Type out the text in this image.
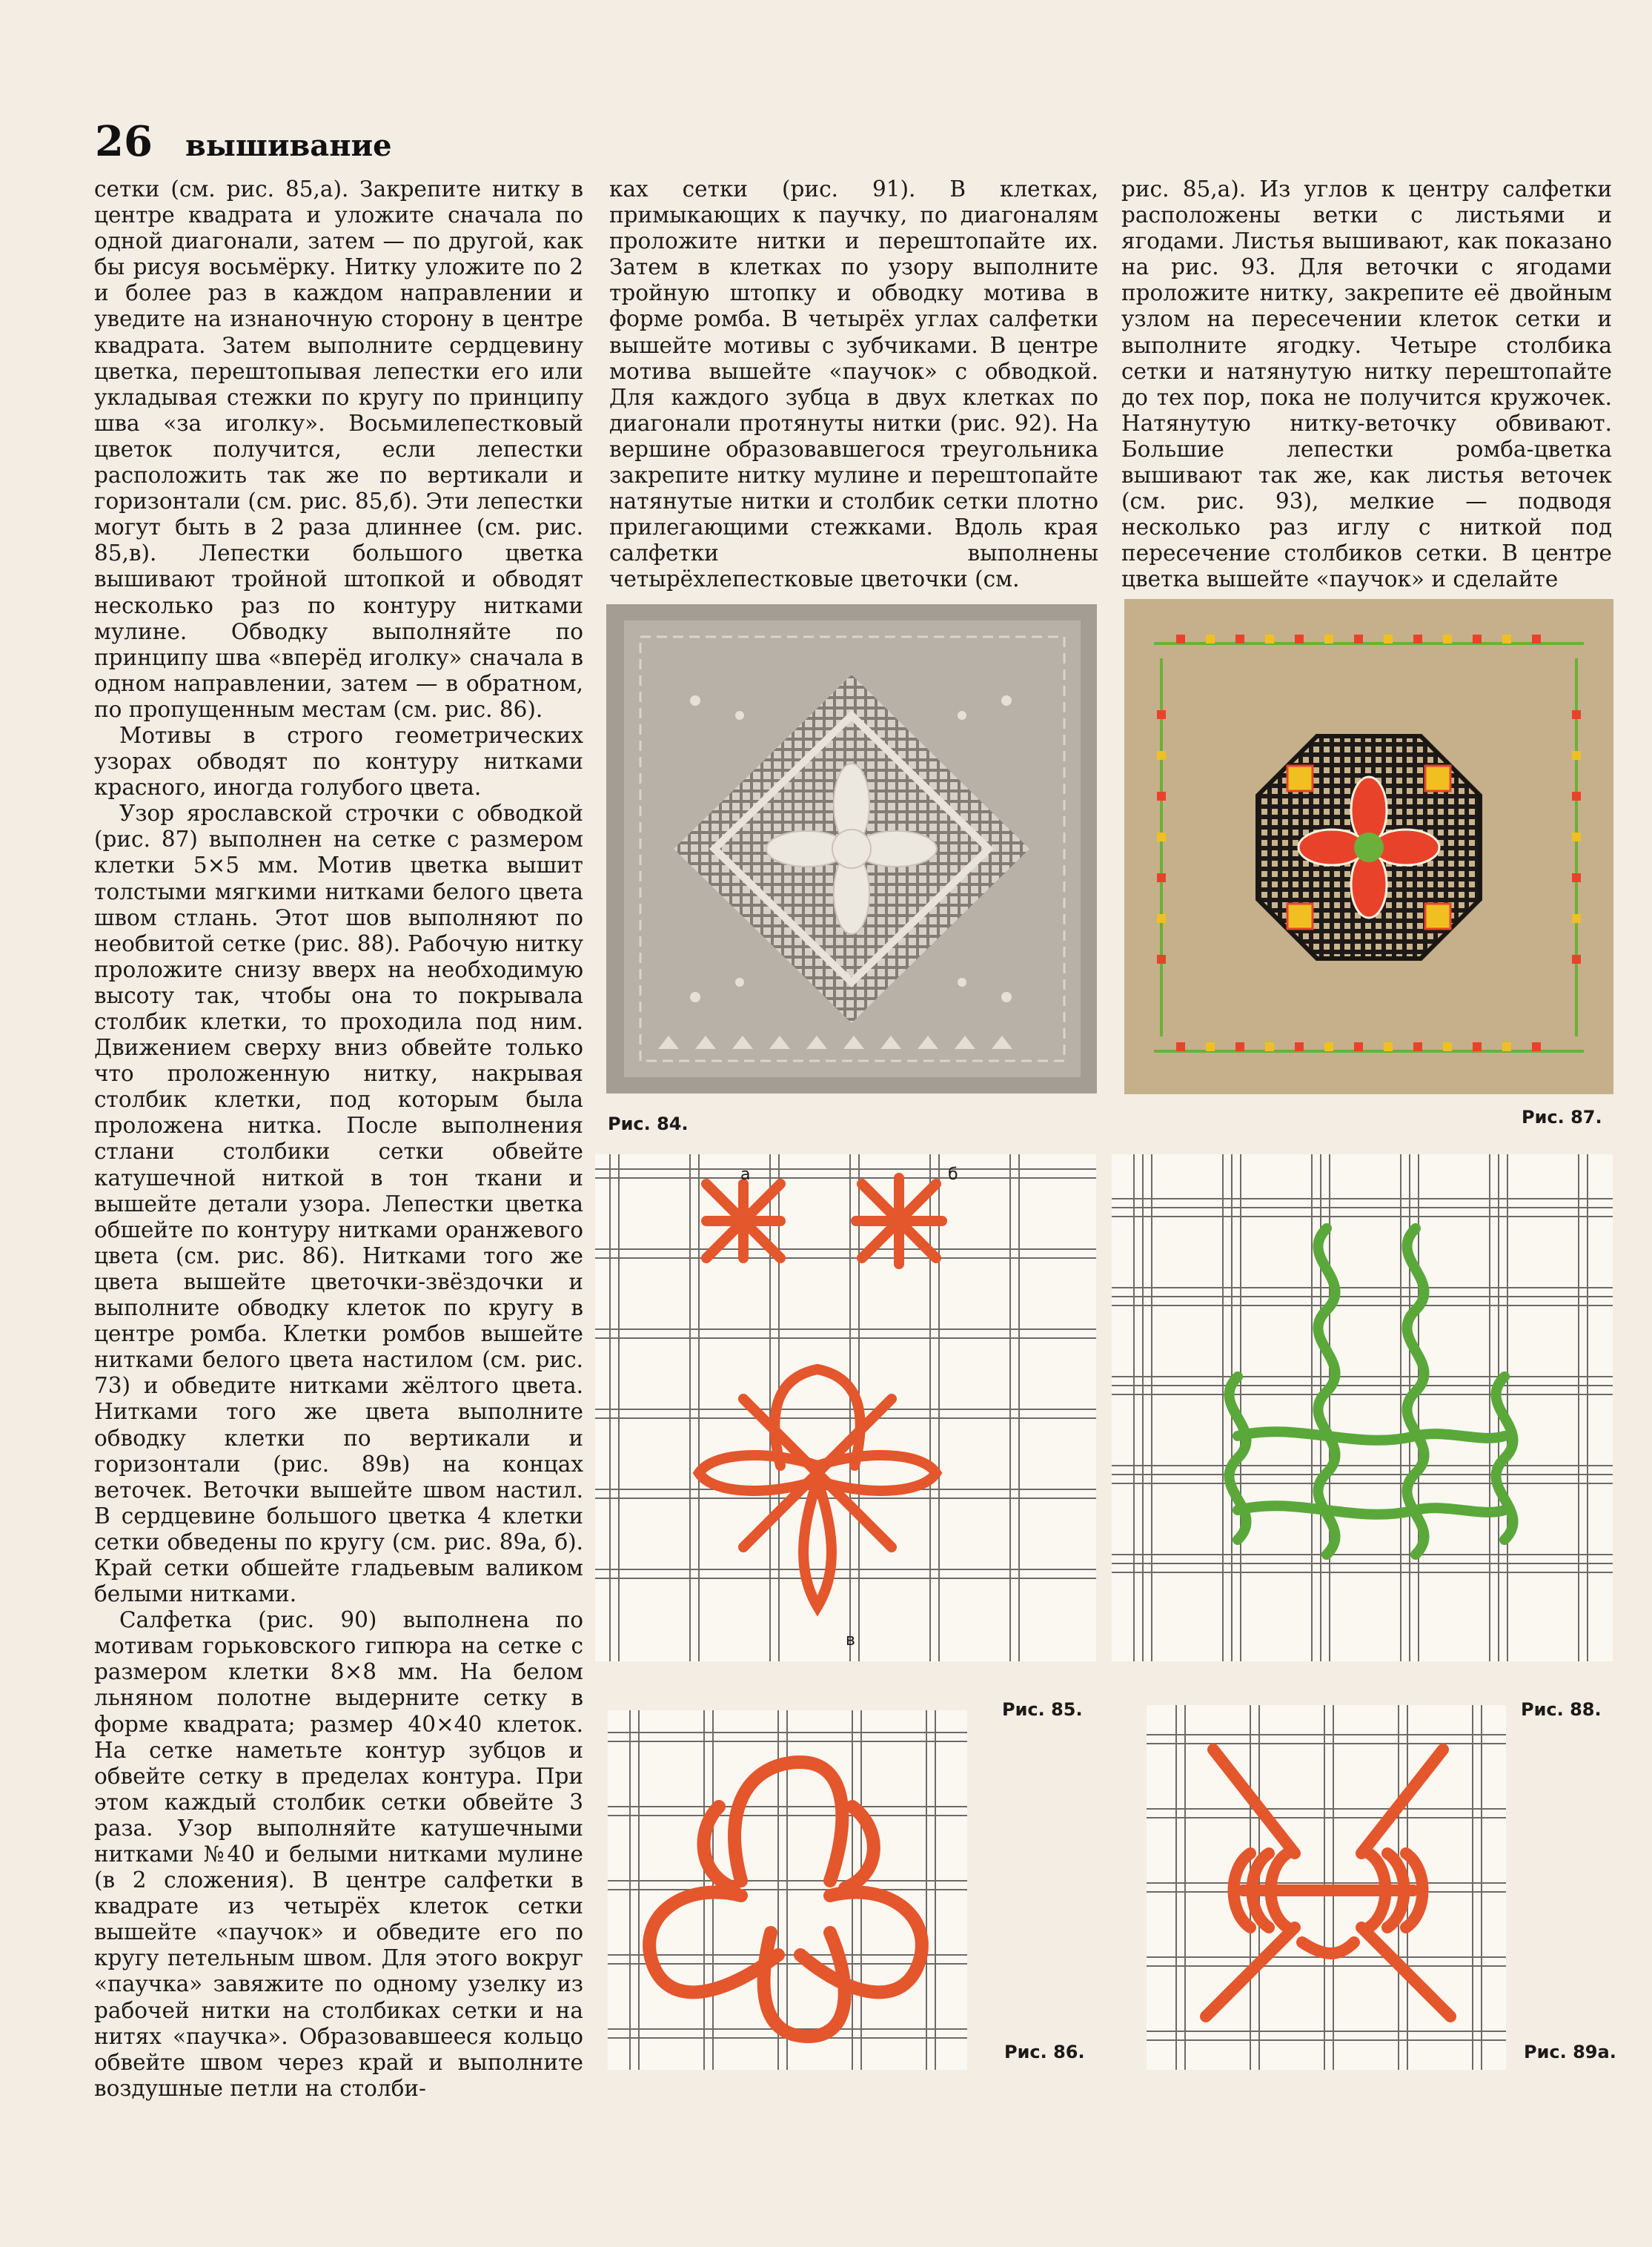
26 вышивание

сетки (см. рис. 85,а). Закрепите нитку в центре квадрата и уложите сначала по одной диагонали, затем — по другой, как бы рисуя восьмёрку. Нитку уложите по 2 и более раз в каждом направлении и уведите на изнаночную сторону в центре квадрата. Затем выполните сердцевину цветка, перештопывая лепестки его или укладывая стежки по кругу по принципу шва «за иголку». Восьмилепестковый цветок получится, если лепестки расположить так же по вертикали и горизонтали (см. рис. 85,б). Эти лепестки могут быть в 2 раза длиннее (см. рис. 85,в). Лепестки большого цветка вышивают тройной штопкой и обводят несколько раз по контуру нитками мулине. Обводку выполняйте по принципу шва «вперёд иголку» сначала в одном направлении, затем — в обратном, по пропущенным местам (см. рис. 86).

Мотивы в строго геометрических узорах обводят по контуру нитками красного, иногда голубого цвета.

Узор ярославской строчки с обводкой (рис. 87) выполнен на сетке с размером клетки 5×5 мм. Мотив цветка вышит толстыми мягкими нитками белого цвета швом стлань. Этот шов выполняют по необвитой сетке (рис. 88). Рабочую нитку проложите снизу вверх на необходимую высоту так, чтобы она то покрывала столбик клетки, то проходила под ним. Движением сверху вниз обвейте только что проложенную нитку, накрывая столбик клетки, под которым была проложена нитка. После выполнения стлани столбики сетки обвейте катушечной ниткой в тон ткани и вышейте детали узора. Лепестки цветка обшейте по контуру нитками оранжевого цвета (см. рис. 86). Нитками того же цвета вышейте цветочки-звёздочки и выполните обводку клеток по кругу в центре ромба. Клетки ромбов вышейте нитками белого цвета настилом (см. рис. 73) и обведите нитками жёлтого цвета. Нитками того же цвета выполните обводку клетки по вертикали и горизонтали (рис. 89в) на концах веточек. Веточки вышейте швом настил. В сердцевине большого цветка 4 клетки сетки обведены по кругу (см. рис. 89а, б). Край сетки обшейте гладьевым валиком белыми нитками.

Салфетка (рис. 90) выполнена по мотивам горьковского гипюра на сетке с размером клетки 8×8 мм. На белом льняном полотне выдерните сетку в форме квадрата; размер 40×40 клеток. На сетке наметьте контур зубцов и обвейте сетку в пределах контура. При этом каждый столбик сетки обвейте 3 раза. Узор выполняйте катушечными нитками №40 и белыми нитками мулине (в 2 сложения). В центре салфетки в квадрате из четырёх клеток сетки вышейте «паучок» и обведите его по кругу петельным швом. Для этого вокруг «паучка» завяжите по одному узелку из рабочей нитки на столбиках сетки и на нитях «паучка». Образовавшееся кольцо обвейте швом через край и выполните воздушные петли на столби-

ках сетки (рис. 91). В клетках, примыкающих к паучку, по диагоналям проложите нитки и перештопайте их. Затем в клетках по узору выполните тройную штопку и обводку мотива в форме ромба. В четырёх углах салфетки вышейте мотивы с зубчиками. В центре мотива вышейте «паучок» с обводкой. Для каждого зубца в двух клетках по диагонали протянуты нитки (рис. 92). На вершине образовавшегося треугольника закрепите нитку мулине и перештопайте натянутые нитки и столбик сетки плотно прилегающими стежками. Вдоль края салфетки выполнены четырёхлепестковые цветочки (см.

рис. 85,а). Из углов к центру салфетки расположены ветки с листьями и ягодами. Листья вышивают, как показано на рис. 93. Для веточки с ягодами проложите нитку, закрепите её двойным узлом на пересечении клеток сетки и выполните ягодку. Четыре столбика сетки и натянутую нитку перештопайте до тех пор, пока не получится кружочек. Натянутую нитку-веточку обвивают. Большие лепестки ромба-цветка вышивают так же, как листья веточек (см. рис. 93), мелкие — подводя несколько раз иглу с ниткой под пересечение столбиков сетки. В центре цветка вышейте «паучок» и сделайте

Рис. 84.	Рис. 87.
а	б
в
Рис. 85.	Рис. 88.
Рис. 86.	Рис. 89а.
